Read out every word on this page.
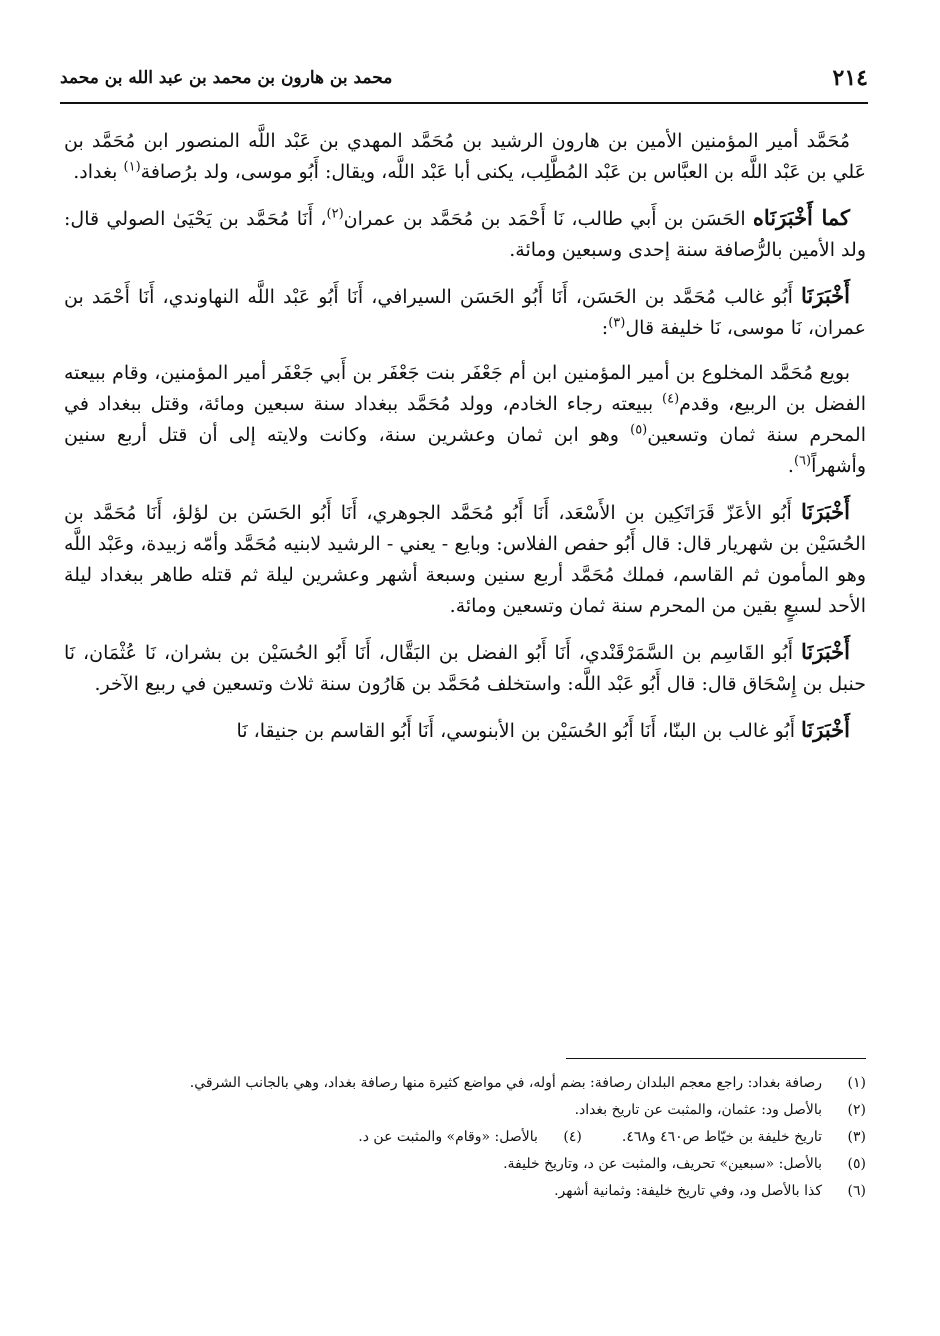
٢١٤
محمد بن هارون بن محمد بن عبد الله بن محمد

مُحَمَّد أمير المؤمنين الأمين بن هارون الرشيد بن مُحَمَّد المهدي بن عَبْد اللَّه المنصور ابن مُحَمَّد بن عَلي بن عَبْد اللَّه بن العبَّاس بن عَبْد المُطَّلِب، يكنى أبا عَبْد اللَّه، ويقال: أَبُو موسى، ولد برُصافة$^{(١)}$ بغداد.

كما أَخْبَرَنَاه الحَسَن بن أَبي طالب، نَا أَحْمَد بن مُحَمَّد بن عمران$^{(٢)}$، أَنَا مُحَمَّد بن يَحْيَىٰ الصولي قال: ولد الأمين بالرُّصافة سنة إحدى وسبعين ومائة.

أَخْبَرَنَا أَبُو غالب مُحَمَّد بن الحَسَن، أَنَا أَبُو الحَسَن السيرافي، أَنَا أَبُو عَبْد اللَّه النهاوندي، أَنَا أَحْمَد بن عمران، نَا موسى، نَا خليفة قال$^{(٣)}$:

بويع مُحَمَّد المخلوع بن أمير المؤمنين ابن أم جَعْفَر بنت جَعْفَر بن أَبي جَعْفَر أمير المؤمنين، وقام ببيعته الفضل بن الربيع، وقدم$^{(٤)}$ ببيعته رجاء الخادم، وولد مُحَمَّد ببغداد سنة سبعين ومائة، وقتل ببغداد في المحرم سنة ثمان وتسعين$^{(٥)}$ وهو ابن ثمان وعشرين سنة، وكانت ولايته إلى أن قتل أربع سنين وأشهراً$^{(٦)}$.

أَخْبَرَنَا أَبُو الأعَزّ قَرَاتَكِين بن الأَسْعَد، أَنَا أَبُو مُحَمَّد الجوهري، أَنَا أَبُو الحَسَن بن لؤلؤ، أَنَا مُحَمَّد بن الحُسَيْن بن شهريار قال: قال أَبُو حفص الفلاس: وبايع - يعني - الرشيد لابنيه مُحَمَّد وأمّه زبيدة، وعَبْد اللَّه وهو المأمون ثم القاسم، فملك مُحَمَّد أربع سنين وسبعة أشهر وعشرين ليلة ثم قتله طاهر ببغداد ليلة الأحد لسبعٍ بقين من المحرم سنة ثمان وتسعين ومائة.

أَخْبَرَنَا أَبُو القَاسِم بن السَّمَرْقَنْدي، أَنَا أَبُو الفضل بن البَقَّال، أَنَا أَبُو الحُسَيْن بن بشران، نَا عُثْمَان، نَا حنبل بن إِسْحَاق قال: قال أَبُو عَبْد اللَّه: واستخلف مُحَمَّد بن هَارُون سنة ثلاث وتسعين في ربيع الآخر.

أَخْبَرَنَا أَبُو غالب بن البنّا، أَنَا أَبُو الحُسَيْن بن الأبنوسي، أَنَا أَبُو القاسم بن جنيقا، نَا

(١)
رصافة بغداد: راجع معجم البلدان رصافة: بضم أوله، في مواضع كثيرة منها رصافة بغداد، وهي بالجانب الشرقي.
(٢)
بالأصل ود: عثمان، والمثبت عن تاريخ بغداد.
(٣)
تاريخ خليفة بن خيّاط ص٤٦٠ و٤٦٨.
(٤)
بالأصل: «وقام» والمثبت عن د.
(٥)
بالأصل: «سبعين» تحريف، والمثبت عن د، وتاريخ خليفة.
(٦)
كذا بالأصل ود، وفي تاريخ خليفة: وثمانية أشهر.
